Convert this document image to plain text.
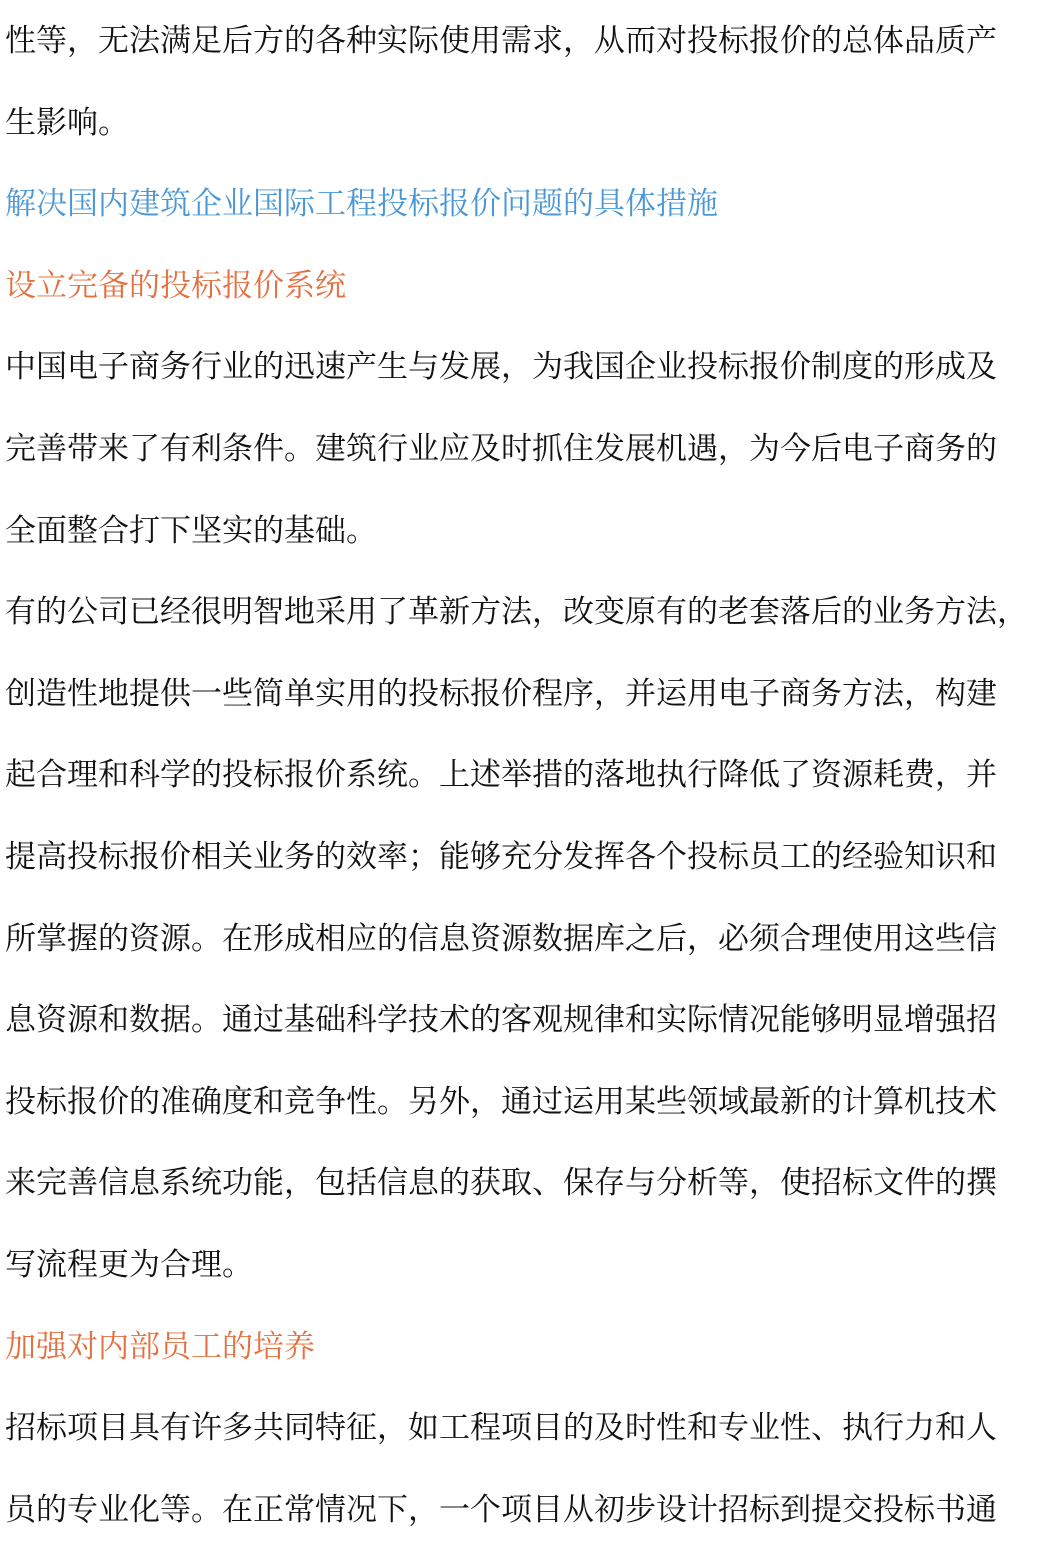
性等，无法满足后方的各种实际使用需求，从而对投标报价的总体品质产
生影响。
解决国内建筑企业国际工程投标报价问题的具体措施
设立完备的投标报价系统
中国电子商务行业的迅速产生与发展，为我国企业投标报价制度的形成及
完善带来了有利条件。建筑行业应及时抓住发展机遇，为今后电子商务的
全面整合打下坚实的基础。
有的公司已经很明智地采用了革新方法，改变原有的老套落后的业务方法，
创造性地提供一些简单实用的投标报价程序，并运用电子商务方法，构建
起合理和科学的投标报价系统。上述举措的落地执行降低了资源耗费，并
提高投标报价相关业务的效率；能够充分发挥各个投标员工的经验知识和
所掌握的资源。在形成相应的信息资源数据库之后，必须合理使用这些信
息资源和数据。通过基础科学技术的客观规律和实际情况能够明显增强招
投标报价的准确度和竞争性。另外，通过运用某些领域最新的计算机技术
来完善信息系统功能，包括信息的获取、保存与分析等，使招标文件的撰
写流程更为合理。
加强对内部员工的培养
招标项目具有许多共同特征，如工程项目的及时性和专业性、执行力和人
员的专业化等。在正常情况下，一个项目从初步设计招标到提交投标书通
